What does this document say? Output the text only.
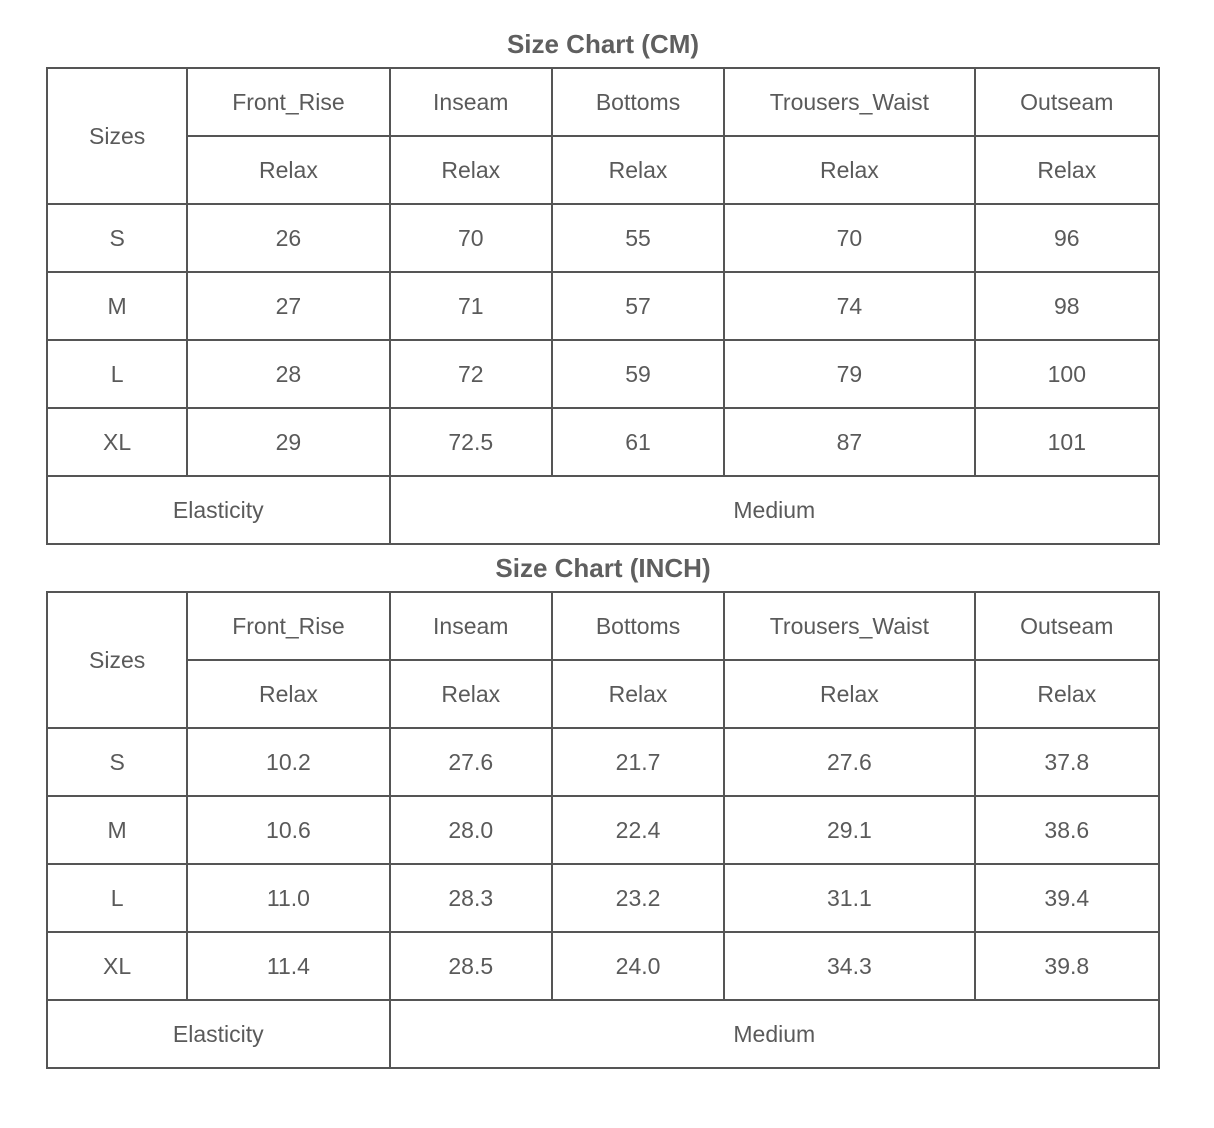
Size Chart (CM)
Sizes	Front_Rise	Inseam	Bottoms	Trousers_Waist	Outseam
	Relax	Relax	Relax	Relax	Relax
S	26	70	55	70	96
M	27	71	57	74	98
L	28	72	59	79	100
XL	29	72.5	61	87	101
Elasticity		Medium			
Size Chart (INCH)
Sizes	Front_Rise	Inseam	Bottoms	Trousers_Waist	Outseam
	Relax	Relax	Relax	Relax	Relax
S	10.2	27.6	21.7	27.6	37.8
M	10.6	28.0	22.4	29.1	38.6
L	11.0	28.3	23.2	31.1	39.4
XL	11.4	28.5	24.0	34.3	39.8
Elasticity		Medium			
